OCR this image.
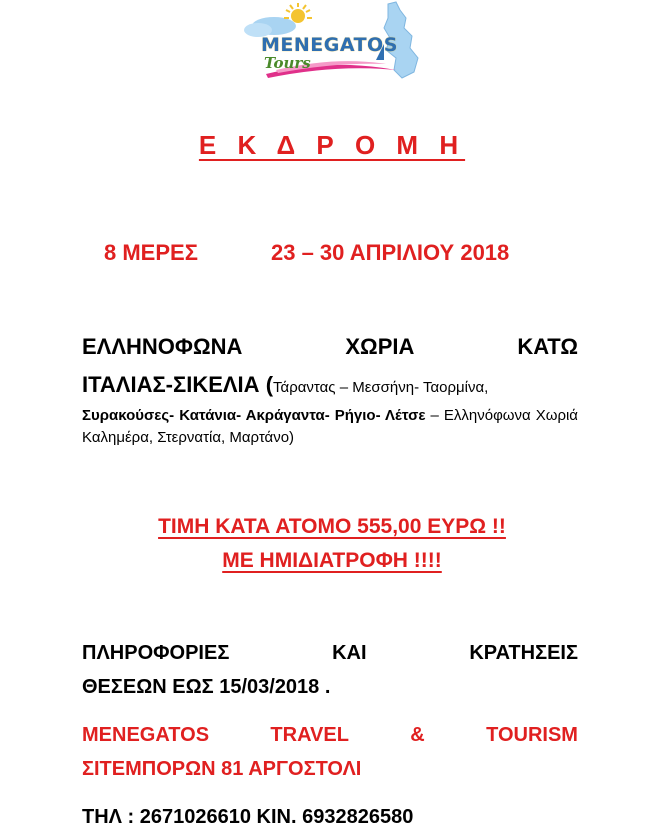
MENEGATOS
Tours
Ε Κ Δ Ρ Ο Μ Η
8 ΜΕΡΕΣ	23 – 30 ΑΠΡΙΛΙΟΥ 2018
ΕΛΛΗΝΟΦΩΝΑ	ΧΩΡΙΑ	ΚΑΤΩ
ΙΤΑΛΙΑΣ-ΣΙΚΕΛΙΑ (Τάραντας – Μεσσήνη- Ταορμίνα,
Συρακούσες- Κατάνια- Ακράγαντα- Ρήγιο- Λέτσε – Ελληνόφωνα Χωριά
Καλημέρα, Στερνατία, Μαρτάνο)
ΤΙΜΗ ΚΑΤΑ ΑΤΟΜΟ 555,00 ΕΥΡΩ !!
ΜΕ ΗΜΙΔΙΑΤΡΟΦΗ !!!!
ΠΛΗΡΟΦΟΡΙΕΣ	ΚΑΙ	ΚΡΑΤΗΣΕΙΣ
ΘΕΣΕΩΝ ΕΩΣ 15/03/2018 .
MENEGATOS	TRAVEL	&	TOURISM
ΣΙΤΕΜΠΟΡΩΝ 81 ΑΡΓΟΣΤΟΛΙ
ΤΗΛ : 2671026610 ΚΙΝ. 6932826580
